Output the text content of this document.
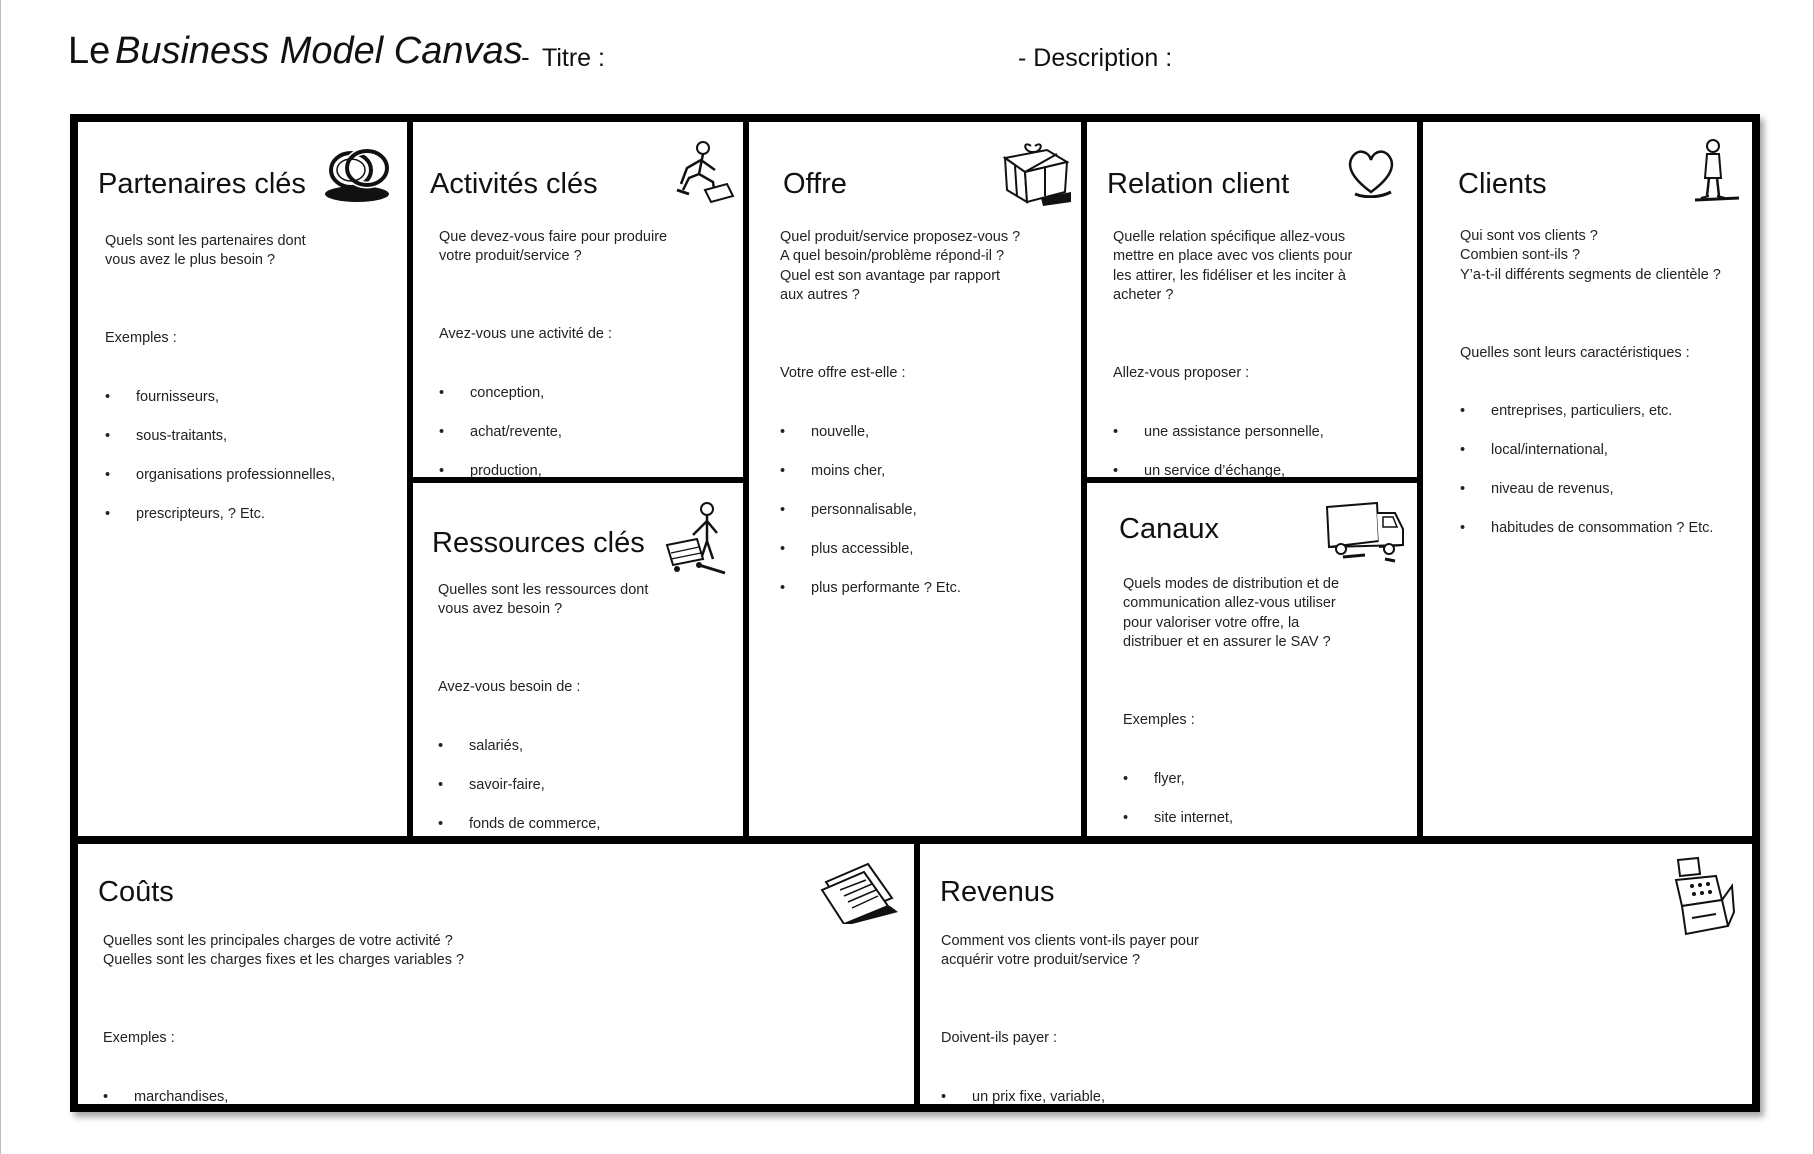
Le Business Model Canvas
- Titre :	- Description :
Partenaires clés

Quels sont les partenaires dont
vous avez le plus besoin ?

Exemples :

• fournisseurs,

• sous-traitants,

• organisations professionnelles,

• prescripteurs, ? Etc.

Activités clés

Que devez-vous faire pour produire
votre produit/service ?

Avez-vous une activité de :

• conception,

• achat/revente,

• production,

Ressources clés

Quelles sont les ressources dont
vous avez besoin ?

Avez-vous besoin de :

• salariés,

• savoir-faire,

• fonds de commerce,

Offre

Quel produit/service proposez-vous ?
A quel besoin/problème répond-il ?
Quel est son avantage par rapport
aux autres ?

Votre offre est-elle :

• nouvelle,

• moins cher,

• personnalisable,

• plus accessible,

• plus performante ? Etc.

Relation client

Quelle relation spécifique allez-vous
mettre en place avec vos clients pour
les attirer, les fidéliser et les inciter à
acheter ?

Allez-vous proposer :

• une assistance personnelle,

• un service d’échange,

Canaux

Quels modes de distribution et de
communication allez-vous utiliser
pour valoriser votre offre, la
distribuer et en assurer le SAV ?

Exemples :

• flyer,

• site internet,

Clients

Qui sont vos clients ?
Combien sont-ils ?
Y’a-t-il différents segments de clientèle ?

Quelles sont leurs caractéristiques :

• entreprises, particuliers, etc.

• local/international,

• niveau de revenus,

• habitudes de consommation ? Etc.

Coûts

Quelles sont les principales charges de votre activité ?
Quelles sont les charges fixes et les charges variables ?

Exemples :

• marchandises,

Revenus

Comment vos clients vont-ils payer pour
acquérir votre produit/service ?

Doivent-ils payer :

• un prix fixe, variable,
